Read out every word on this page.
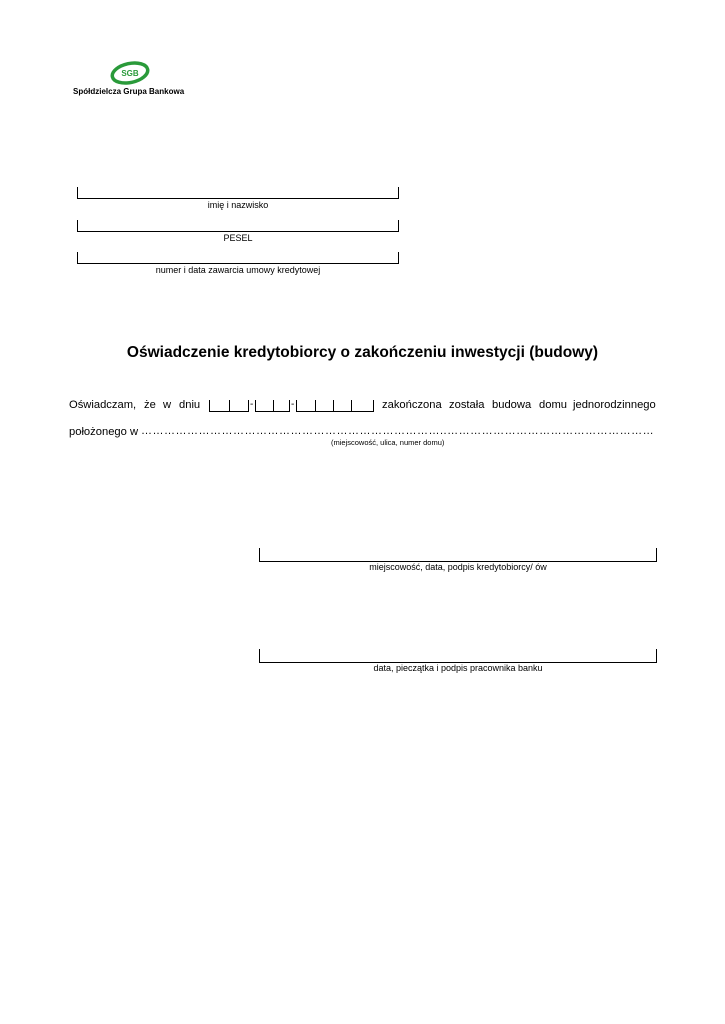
SGB
Spółdzielcza Grupa Bankowa
imię i nazwisko
PESEL
numer i data zawarcia umowy kredytowej
Oświadczenie kredytobiorcy o zakończeniu inwestycji (budowy)
Oświadczam, że w dniu	-	-	zakończona została budowa domu jednorodzinnego
położonego w ……………………………………………………………………..………………………………………………
(miejscowość, ulica, numer domu)
miejscowość, data, podpis kredytobiorcy/ ów
data, pieczątka i podpis pracownika banku
